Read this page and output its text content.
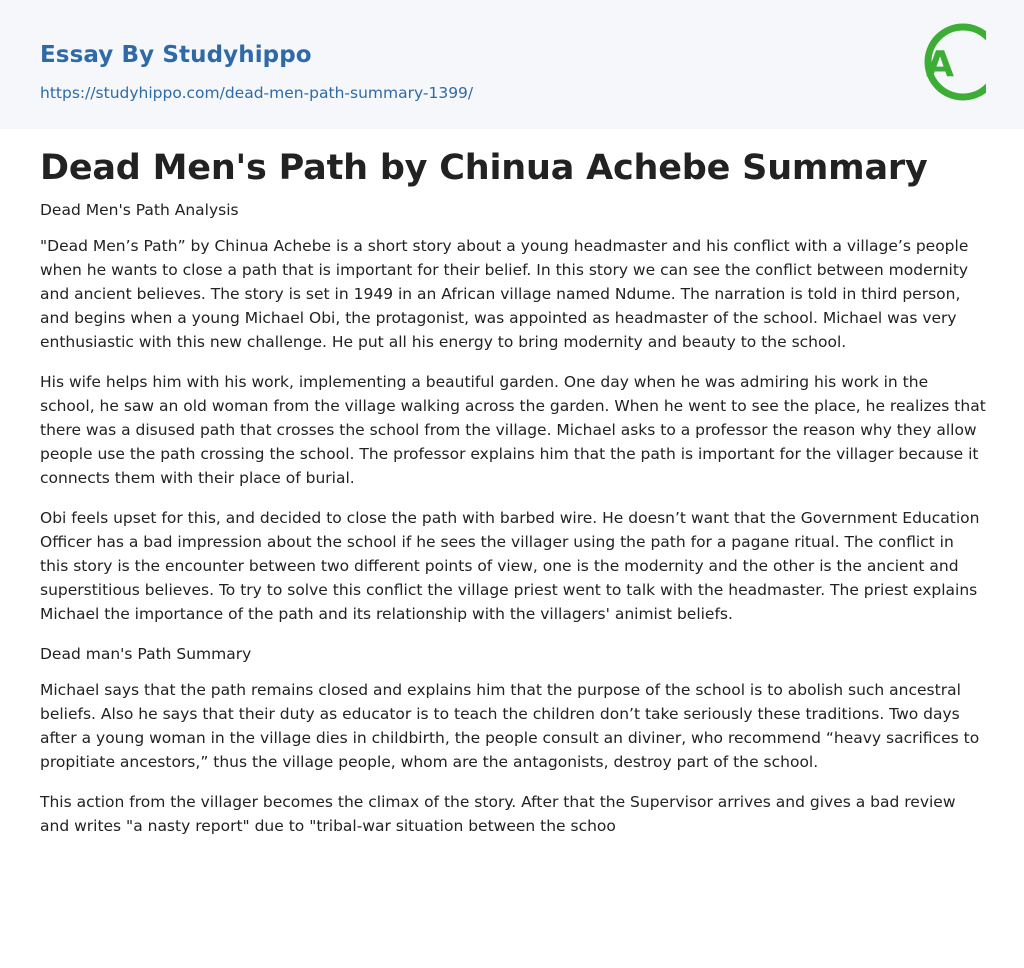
Essay By Studyhippo
https://studyhippo.com/dead-men-path-summary-1399/
A
Dead Men's Path by Chinua Achebe Summary
Dead Men's Path Analysis

"Dead Men’s Path” by Chinua Achebe is a short story about a young headmaster and his conflict with a village’s people when he wants to close a path that is important for their belief. In this story we can see the conflict between modernity and ancient believes. The story is set in 1949 in an African village named Ndume. The narration is told in third person, and begins when a young Michael Obi, the protagonist, was appointed as headmaster of the school. Michael was very enthusiastic with this new challenge. He put all his energy to bring modernity and beauty to the school.

His wife helps him with his work, implementing a beautiful garden. One day when he was admiring his work in the school, he saw an old woman from the village walking across the garden. When he went to see the place, he realizes that there was a disused path that crosses the school from the village. Michael asks to a professor the reason why they allow people use the path crossing the school. The professor explains him that the path is important for the villager because it connects them with their place of burial.

Obi feels upset for this, and decided to close the path with barbed wire. He doesn’t want that the Government Education Officer has a bad impression about the school if he sees the villager using the path for a pagane ritual. The conflict in this story is the encounter between two different points of view, one is the modernity and the other is the ancient and superstitious believes. To try to solve this conflict the village priest went to talk with the headmaster. The priest explains Michael the importance of the path and its relationship with the villagers' animist beliefs.

Dead man's Path Summary

Michael says that the path remains closed and explains him that the purpose of the school is to abolish such ancestral beliefs. Also he says that their duty as educator is to teach the children don’t take seriously these traditions. Two days after a young woman in the village dies in childbirth, the people consult an diviner, who recommend “heavy sacrifices to propitiate ancestors,” thus the village people, whom are the antagonists, destroy part of the school.

This action from the villager becomes the climax of the story. After that the Supervisor arrives and gives a bad review and writes "a nasty report" due to "tribal-war situation between the schoo
